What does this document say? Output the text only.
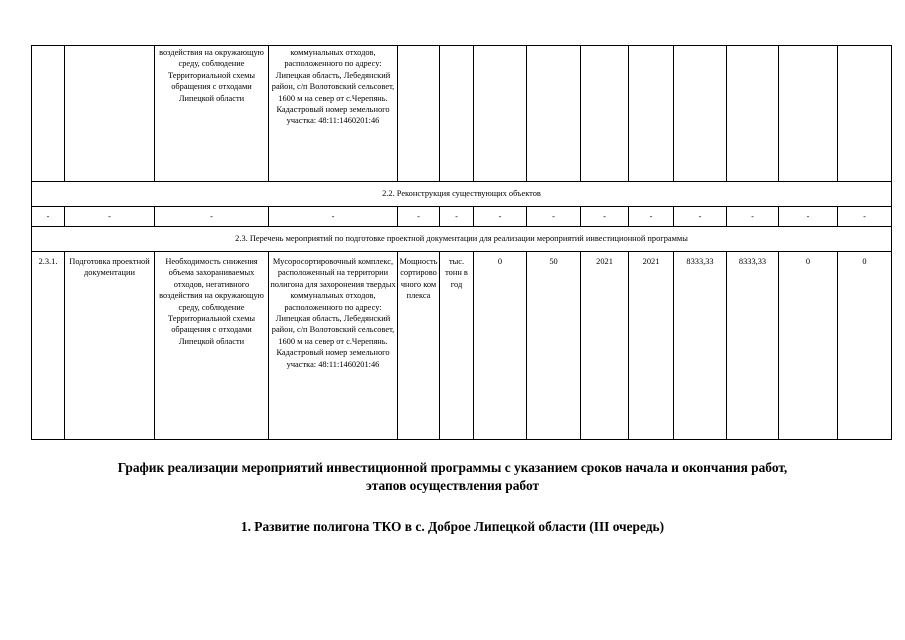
		воздействия на окружающую среду, соблюдение Территориальной схемы обращения с отходами Липецкой области	коммунальных отходов, расположенного по адресу: Липецкая область, Лебедянский район, с/п Волотовский сельсовет, 1600 м на север от с.Черепянь. Кадастровый номер земельного участка: 48:11:1460201:46										
2.2. Реконструкция существующих объектов													
-	-	-	-	-	-	-	-	-	-	-	-	-	-
2.3. Перечень мероприятий по подготовке проектной документации для реализации мероприятий инвестиционной программы													
2.3.1.	Подготовка проектной документации	Необходимость снижения объема захораниваемых отходов, негативного воздействия на окружающую среду, соблюдение Территориальной схемы обращения с отходами Липецкой области	Мусоросортировочный комплекс, расположенный на территории полигона для захоронения твердых коммунальных отходов, расположенного по адресу: Липецкая область, Лебедянский район, с/п Волотовский сельсовет, 1600 м на север от с.Черепянь. Кадастровый номер земельного участка: 48:11:1460201:46	Мощность сортировочного комплекса	тыс. тонн в год	0	50	2021	2021	8333,33	8333,33	0	0
График реализации мероприятий инвестиционной программы с указанием сроков начала и окончания работ,
этапов осуществления работ
1. Развитие полигона ТКО в с. Доброе Липецкой области (III очередь)
